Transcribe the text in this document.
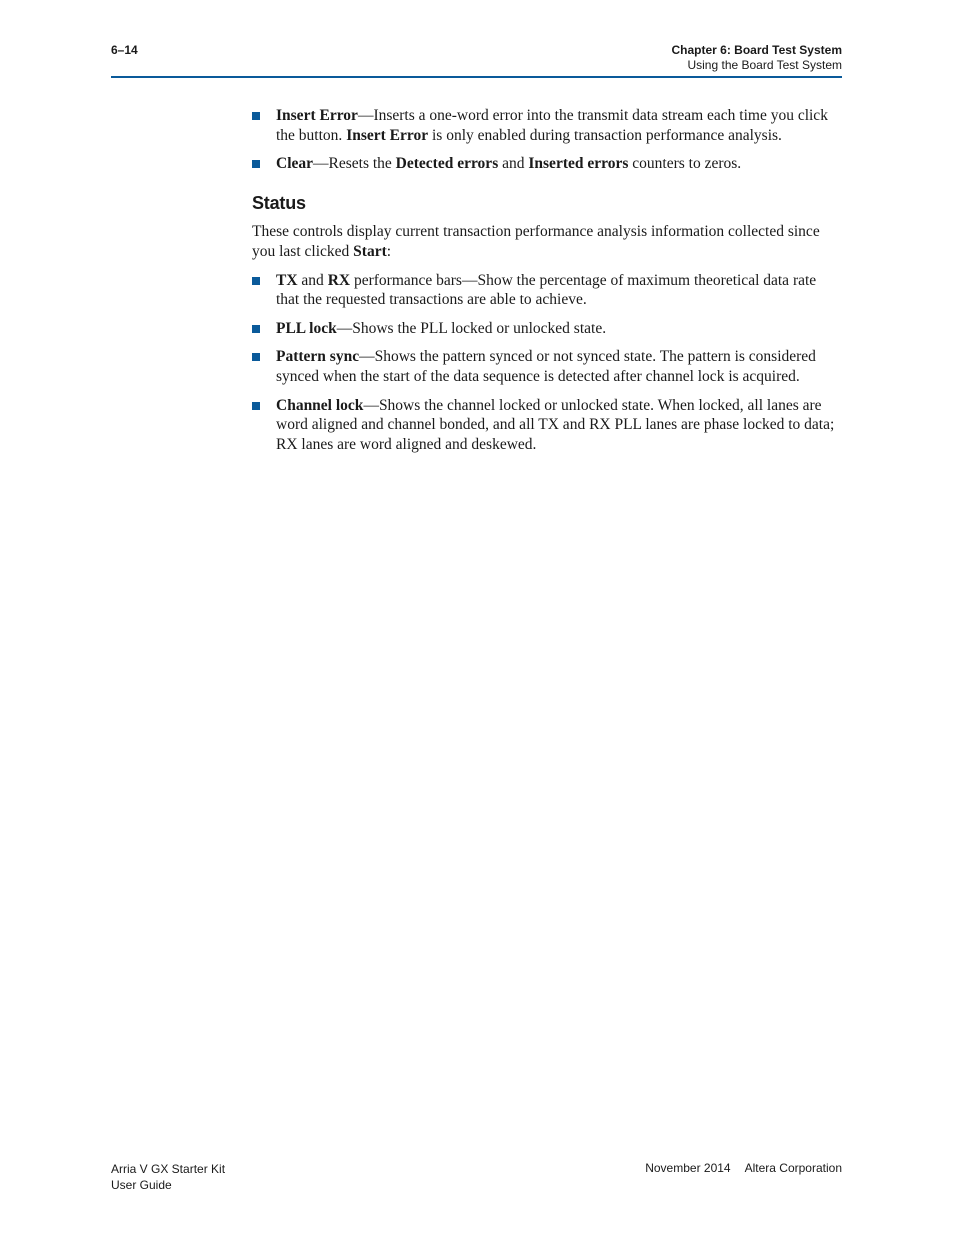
6–14	Chapter 6: Board Test System
Using the Board Test System
Insert Error—Inserts a one-word error into the transmit data stream each time you click the button. Insert Error is only enabled during transaction performance analysis.
Clear—Resets the Detected errors and Inserted errors counters to zeros.
Status

These controls display current transaction performance analysis information collected since you last clicked Start:

TX and RX performance bars—Show the percentage of maximum theoretical data rate that the requested transactions are able to achieve.
PLL lock—Shows the PLL locked or unlocked state.
Pattern sync—Shows the pattern synced or not synced state. The pattern is considered synced when the start of the data sequence is detected after channel lock is acquired.
Channel lock—Shows the channel locked or unlocked state. When locked, all lanes are word aligned and channel bonded, and all TX and RX PLL lanes are phase locked to data; RX lanes are word aligned and deskewed.
Arria V GX Starter Kit
User Guide
November 2014 Altera Corporation
